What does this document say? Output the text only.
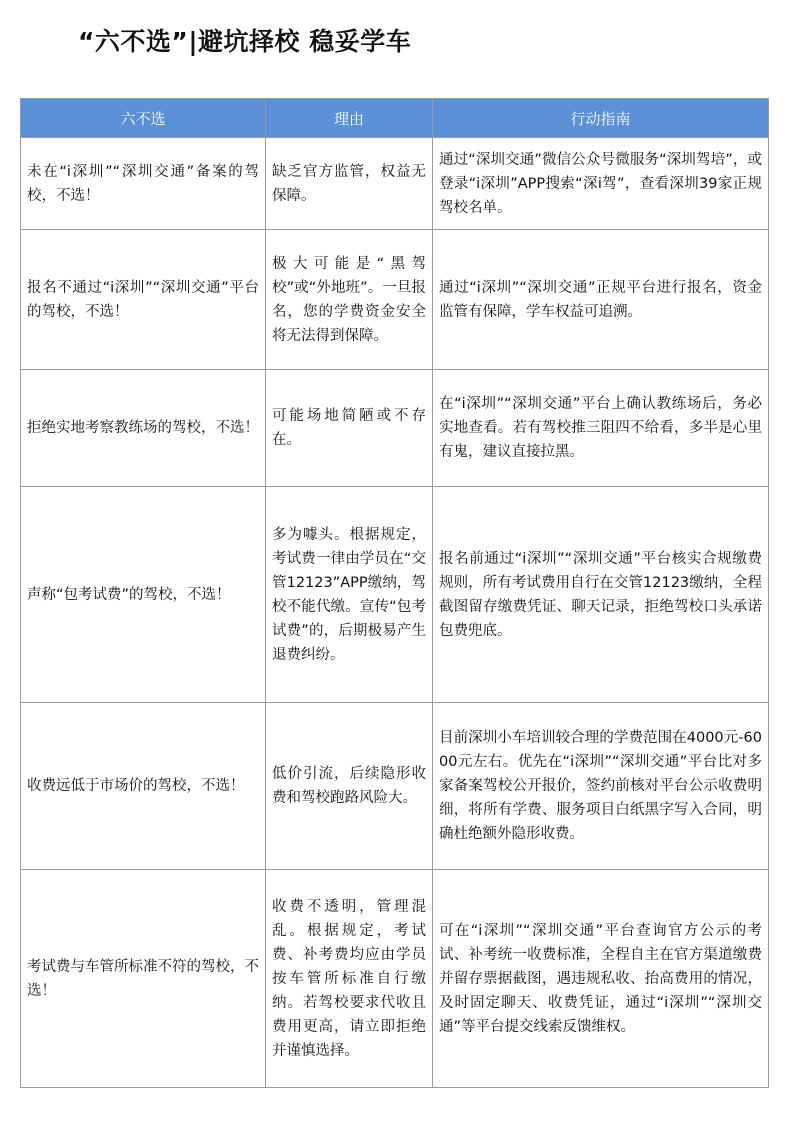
“六不选”|避坑择校 稳妥学车
六不选	理由	行动指南
未在“i深圳”“深圳交通”备案的驾校，不选！	缺乏官方监管，权益无保障。	通过“深圳交通”微信公众号微服务“深圳驾培”，或登录“i深圳”APP搜索“深i驾”，查看深圳39家正规驾校名单。
报名不通过“i深圳”“深圳交通”平台的驾校，不选！	极大可能是“黑驾校”或“外地班”。一旦报名，您的学费资金安全将无法得到保障。	通过“i深圳”“深圳交通”正规平台进行报名，资金监管有保障，学车权益可追溯。
拒绝实地考察教练场的驾校，不选！	可能场地简陋或不存在。	在“i深圳”“深圳交通”平台上确认教练场后，务必实地查看。若有驾校推三阻四不给看，多半是心里有鬼，建议直接拉黑。
声称“包考试费”的驾校，不选！	多为噱头。根据规定，考试费一律由学员在“交管12123”APP缴纳，驾校不能代缴。宣传“包考试费”的，后期极易产生退费纠纷。	报名前通过“i深圳”“深圳交通”平台核实合规缴费规则，所有考试费用自行在交管12123缴纳，全程截图留存缴费凭证、聊天记录，拒绝驾校口头承诺包费兜底。
收费远低于市场价的驾校，不选！	低价引流，后续隐形收费和驾校跑路风险大。	目前深圳小车培训较合理的学费范围在4000元-6000元左右。优先在“i深圳”“深圳交通”平台比对多家备案驾校公开报价，签约前核对平台公示收费明细，将所有学费、服务项目白纸黑字写入合同，明确杜绝额外隐形收费。
考试费与车管所标准不符的驾校，不选！	收费不透明，管理混乱。根据规定，考试费、补考费均应由学员按车管所标准自行缴纳。若驾校要求代收且费用更高，请立即拒绝并谨慎选择。	可在“i深圳”“深圳交通”平台查询官方公示的考试、补考统一收费标准，全程自主在官方渠道缴费并留存票据截图，遇违规私收、抬高费用的情况，及时固定聊天、收费凭证，通过“i深圳”“深圳交通”等平台提交线索反馈维权。
